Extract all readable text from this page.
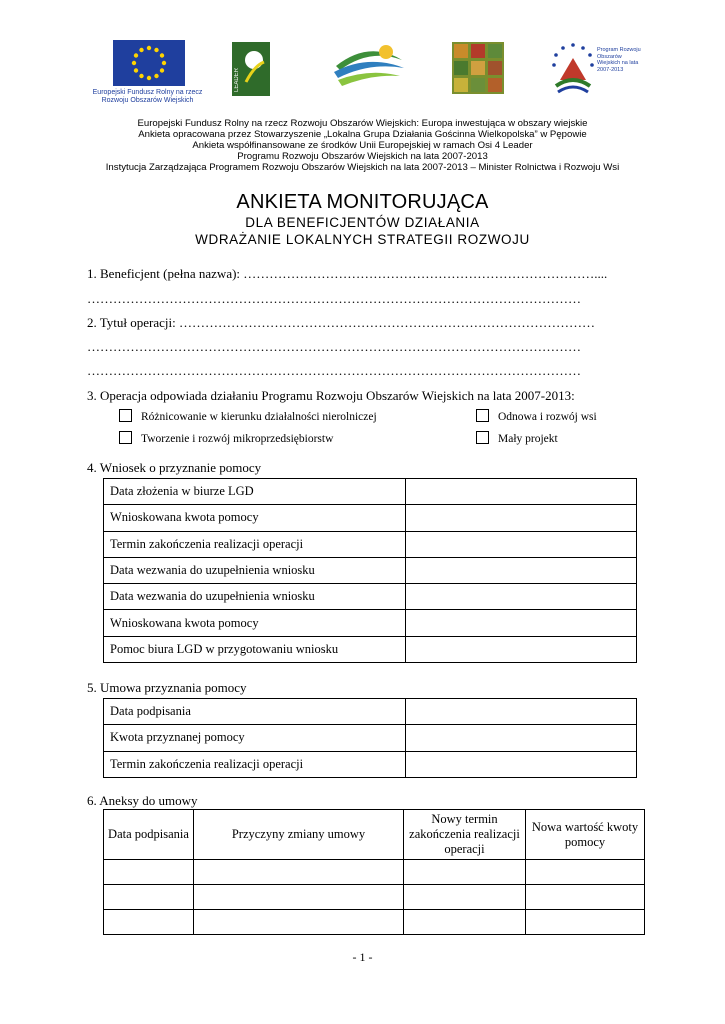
Europejski Fundusz Rolny na rzecz Rozwoju Obszarów Wiejskich
LEADER
Program Rozwoju Obszarów Wiejskich na lata 2007-2013
Europejski Fundusz Rolny na rzecz Rozwoju Obszarów Wiejskich: Europa inwestująca w obszary wiejskie
Ankieta opracowana przez Stowarzyszenie „Lokalna Grupa Działania Gościnna Wielkopolska” w Pępowie
Ankieta współfinansowane ze środków Unii Europejskiej w ramach Osi 4 Leader
Programu Rozwoju Obszarów Wiejskich na lata 2007-2013
Instytucja Zarządzająca Programem Rozwoju Obszarów Wiejskich na lata 2007-2013 – Minister Rolnictwa i Rozwoju Wsi
ANKIETA MONITORUJĄCA
DLA BENEFICJENTÓW DZIAŁANIA
WDRAŻANIE LOKALNYCH STRATEGII ROZWOJU
1. Beneficjent (pełna nazwa): ………………………………………………………………………....
……………………………………………………………………………………………………
2. Tytuł operacji: ……………………………………………………………………………………
……………………………………………………………………………………………………
……………………………………………………………………………………………………
3. Operacja odpowiada działaniu Programu Rozwoju Obszarów Wiejskich na lata 2007-2013:
Różnicowanie w kierunku działalności nierolniczej	Odnowa i rozwój wsi
Tworzenie i rozwój mikroprzedsiębiorstw	Mały projekt
4. Wniosek o przyznanie pomocy
Data złożenia w biurze LGD	
Wnioskowana kwota pomocy	
Termin zakończenia realizacji operacji	
Data wezwania do uzupełnienia wniosku	
Data wezwania do uzupełnienia wniosku	
Wnioskowana kwota pomocy	
Pomoc biura LGD w przygotowaniu wniosku	
5. Umowa przyznania pomocy
Data podpisania	
Kwota przyznanej pomocy	
Termin zakończenia realizacji operacji	
6. Aneksy do umowy
Data podpisania	Przyczyny zmiany umowy	Nowy termin zakończenia realizacji operacji	Nowa wartość kwoty pomocy

- 1 -
